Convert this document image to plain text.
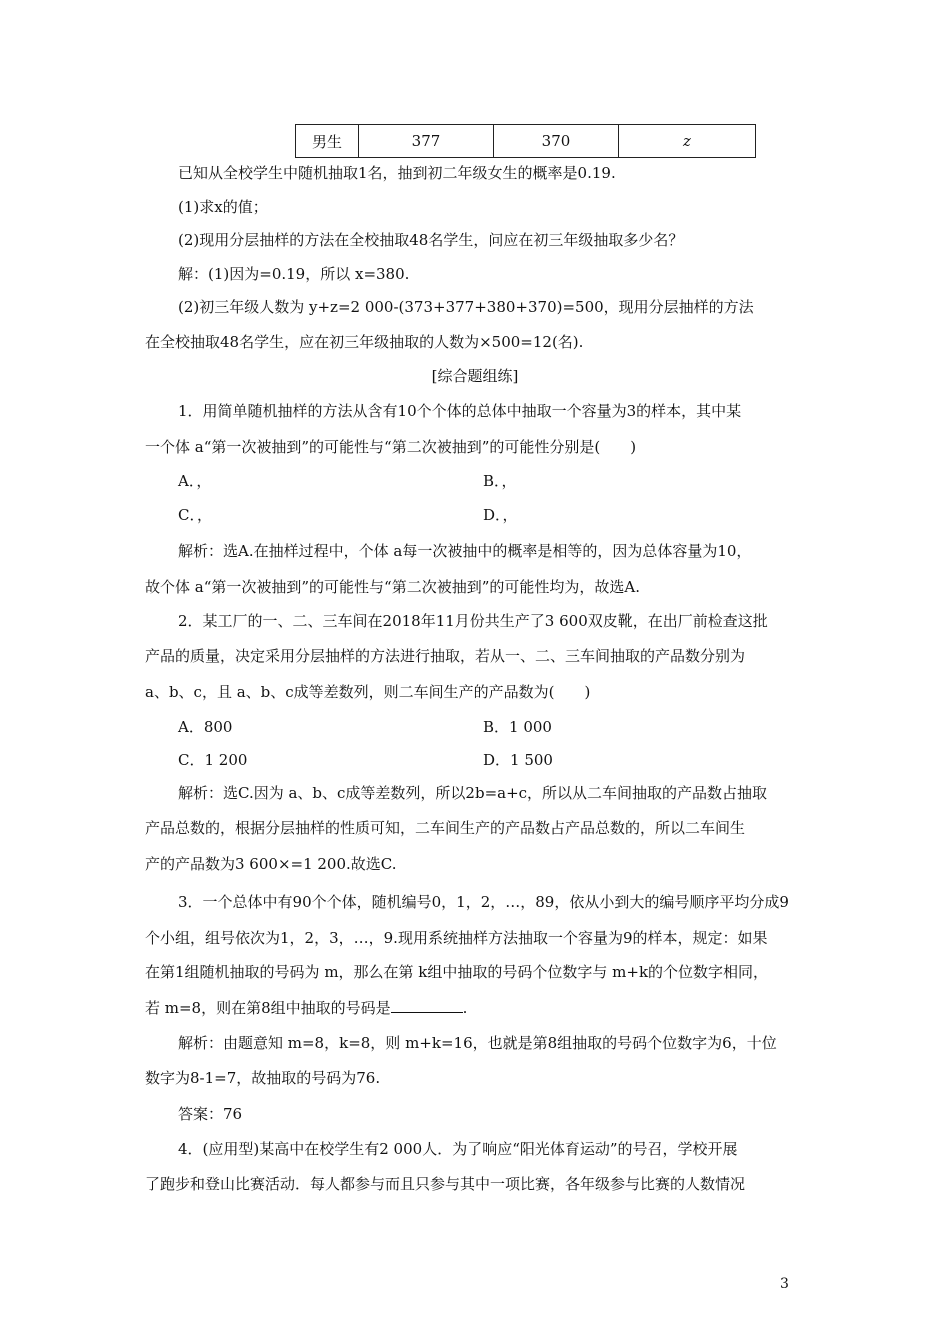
男生	377	370	z
已知从全校学生中随机抽取1名，抽到初二年级女生的概率是0.19.
(1)求x的值；
(2)现用分层抽样的方法在全校抽取48名学生，问应在初三年级抽取多少名？
解：(1)因为=0.19，所以 x=380.
(2)初三年级人数为 y+z=2 000-(373+377+380+370)=500，现用分层抽样的方法
在全校抽取48名学生，应在初三年级抽取的人数为×500=12(名).
[综合题组练]
1．用简单随机抽样的方法从含有10个个体的总体中抽取一个容量为3的样本，其中某
一个体 a“第一次被抽到”的可能性与“第二次被抽到”的可能性分别是(　　)
A．，	B．，
C．，	D．，
解析：选A.在抽样过程中，个体 a每一次被抽中的概率是相等的，因为总体容量为10，
故个体 a“第一次被抽到”的可能性与“第二次被抽到”的可能性均为，故选A.
2．某工厂的一、二、三车间在2018年11月份共生产了3 600双皮靴，在出厂前检查这批
产品的质量，决定采用分层抽样的方法进行抽取，若从一、二、三车间抽取的产品数分别为
a、b、c，且 a、b、c成等差数列，则二车间生产的产品数为(　　)
A．800	B．1 000
C．1 200	D．1 500
解析：选C.因为 a、b、c成等差数列，所以2b=a+c，所以从二车间抽取的产品数占抽取
产品总数的，根据分层抽样的性质可知，二车间生产的产品数占产品总数的，所以二车间生
产的产品数为3 600×=1 200.故选C.
3．一个总体中有90个个体，随机编号0，1，2，…，89，依从小到大的编号顺序平均分成9
个小组，组号依次为1，2，3，…，9.现用系统抽样方法抽取一个容量为9的样本，规定：如果
在第1组随机抽取的号码为 m，那么在第 k组中抽取的号码个位数字与 m+k的个位数字相同，
若 m=8，则在第8组中抽取的号码是	.
解析：由题意知 m=8，k=8，则 m+k=16，也就是第8组抽取的号码个位数字为6，十位
数字为8-1=7，故抽取的号码为76.
答案：76
4．(应用型)某高中在校学生有2 000人．为了响应“阳光体育运动”的号召，学校开展
了跑步和登山比赛活动．每人都参与而且只参与其中一项比赛，各年级参与比赛的人数情况
3
